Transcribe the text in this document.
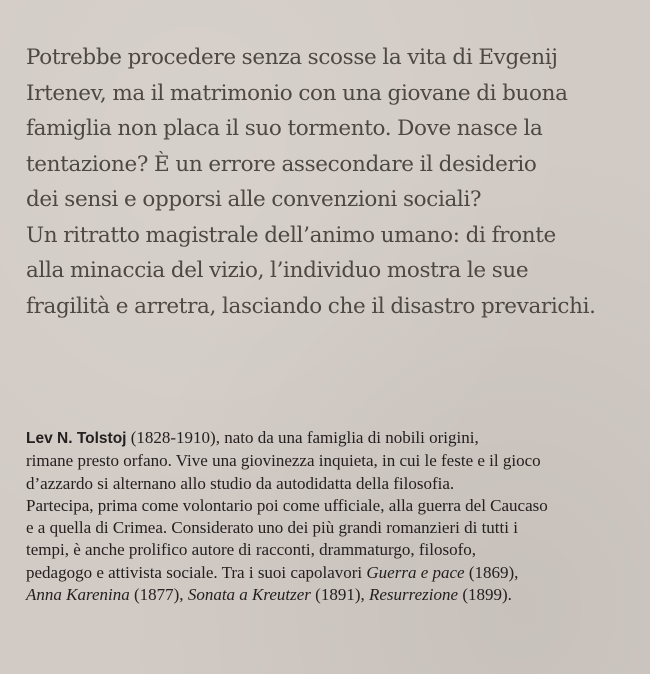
Potrebbe procedere senza scosse la vita di Evgenij
Irtenev, ma il matrimonio con una giovane di buona
famiglia non placa il suo tormento. Dove nasce la
tentazione? È un errore assecondare il desiderio
dei sensi e opporsi alle convenzioni sociali?
Un ritratto magistrale dell’animo umano: di fronte
alla minaccia del vizio, l’individuo mostra le sue
fragilità e arretra, lasciando che il disastro prevarichi.

Lev N. Tolstoj (1828-1910), nato da una famiglia di nobili origini,
rimane presto orfano. Vive una giovinezza inquieta, in cui le feste e il gioco
d’azzardo si alternano allo studio da autodidatta della filosofia.
Partecipa, prima come volontario poi come ufficiale, alla guerra del Caucaso
e a quella di Crimea. Considerato uno dei più grandi romanzieri di tutti i
tempi, è anche prolifico autore di racconti, drammaturgo, filosofo,
pedagogo e attivista sociale. Tra i suoi capolavori Guerra e pace (1869),
Anna Karenina (1877), Sonata a Kreutzer (1891), Resurrezione (1899).
